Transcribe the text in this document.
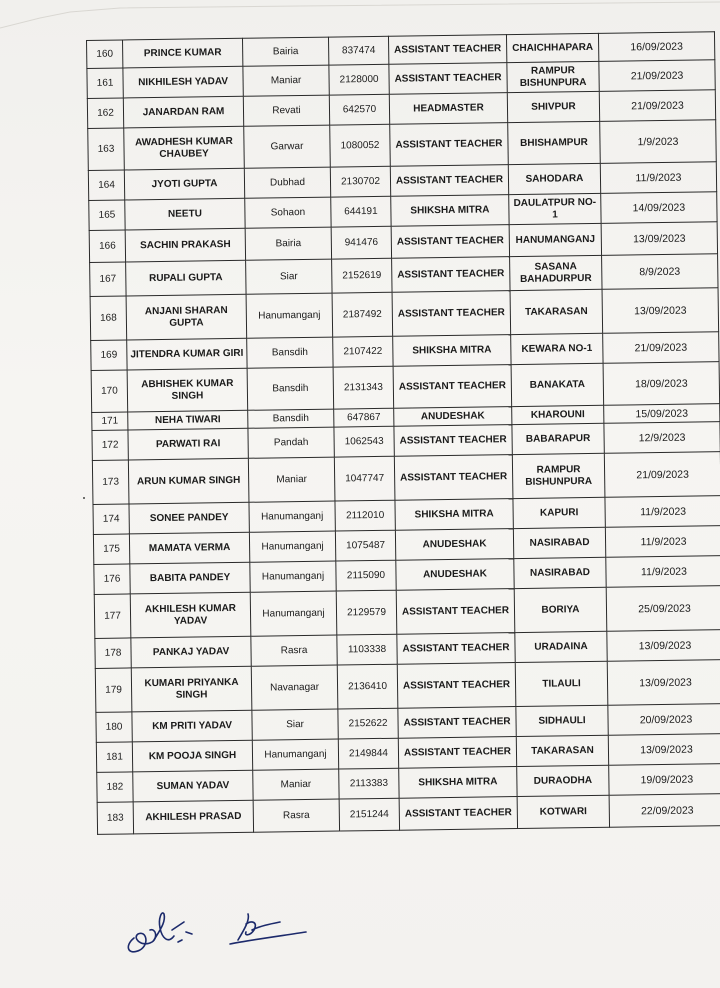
160	PRINCE KUMAR	Bairia	837474	ASSISTANT TEACHER	CHAICHHAPARA	16/09/2023
161	NIKHILESH YADAV	Maniar	2128000	ASSISTANT TEACHER	RAMPUR BISHUNPURA	21/09/2023
162	JANARDAN RAM	Revati	642570	HEADMASTER	SHIVPUR	21/09/2023
163	AWADHESH KUMAR CHAUBEY	Garwar	1080052	ASSISTANT TEACHER	BHISHAMPUR	1/9/2023
164	JYOTI GUPTA	Dubhad	2130702	ASSISTANT TEACHER	SAHODARA	11/9/2023
165	NEETU	Sohaon	644191	SHIKSHA MITRA	DAULATPUR NO-1	14/09/2023
166	SACHIN PRAKASH	Bairia	941476	ASSISTANT TEACHER	HANUMANGANJ	13/09/2023
167	RUPALI GUPTA	Siar	2152619	ASSISTANT TEACHER	SASANA BAHADURPUR	8/9/2023
168	ANJANI SHARAN GUPTA	Hanumanganj	2187492	ASSISTANT TEACHER	TAKARASAN	13/09/2023
169	JITENDRA KUMAR GIRI	Bansdih	2107422	SHIKSHA MITRA	KEWARA NO-1	21/09/2023
170	ABHISHEK KUMAR SINGH	Bansdih	2131343	ASSISTANT TEACHER	BANAKATA	18/09/2023
171	NEHA TIWARI	Bansdih	647867	ANUDESHAK	KHAROUNI	15/09/2023
172	PARWATI RAI	Pandah	1062543	ASSISTANT TEACHER	BABARAPUR	12/9/2023
173	ARUN KUMAR SINGH	Maniar	1047747	ASSISTANT TEACHER	RAMPUR BISHUNPURA	21/09/2023
174	SONEE PANDEY	Hanumanganj	2112010	SHIKSHA MITRA	KAPURI	11/9/2023
175	MAMATA VERMA	Hanumanganj	1075487	ANUDESHAK	NASIRABAD	11/9/2023
176	BABITA PANDEY	Hanumanganj	2115090	ANUDESHAK	NASIRABAD	11/9/2023
177	AKHILESH KUMAR YADAV	Hanumanganj	2129579	ASSISTANT TEACHER	BORIYA	25/09/2023
178	PANKAJ YADAV	Rasra	1103338	ASSISTANT TEACHER	URADAINA	13/09/2023
179	KUMARI PRIYANKA SINGH	Navanagar	2136410	ASSISTANT TEACHER	TILAULI	13/09/2023
180	KM PRITI YADAV	Siar	2152622	ASSISTANT TEACHER	SIDHAULI	20/09/2023
181	KM POOJA SINGH	Hanumanganj	2149844	ASSISTANT TEACHER	TAKARASAN	13/09/2023
182	SUMAN YADAV	Maniar	2113383	SHIKSHA MITRA	DURAODHA	19/09/2023
183	AKHILESH PRASAD	Rasra	2151244	ASSISTANT TEACHER	KOTWARI	22/09/2023
